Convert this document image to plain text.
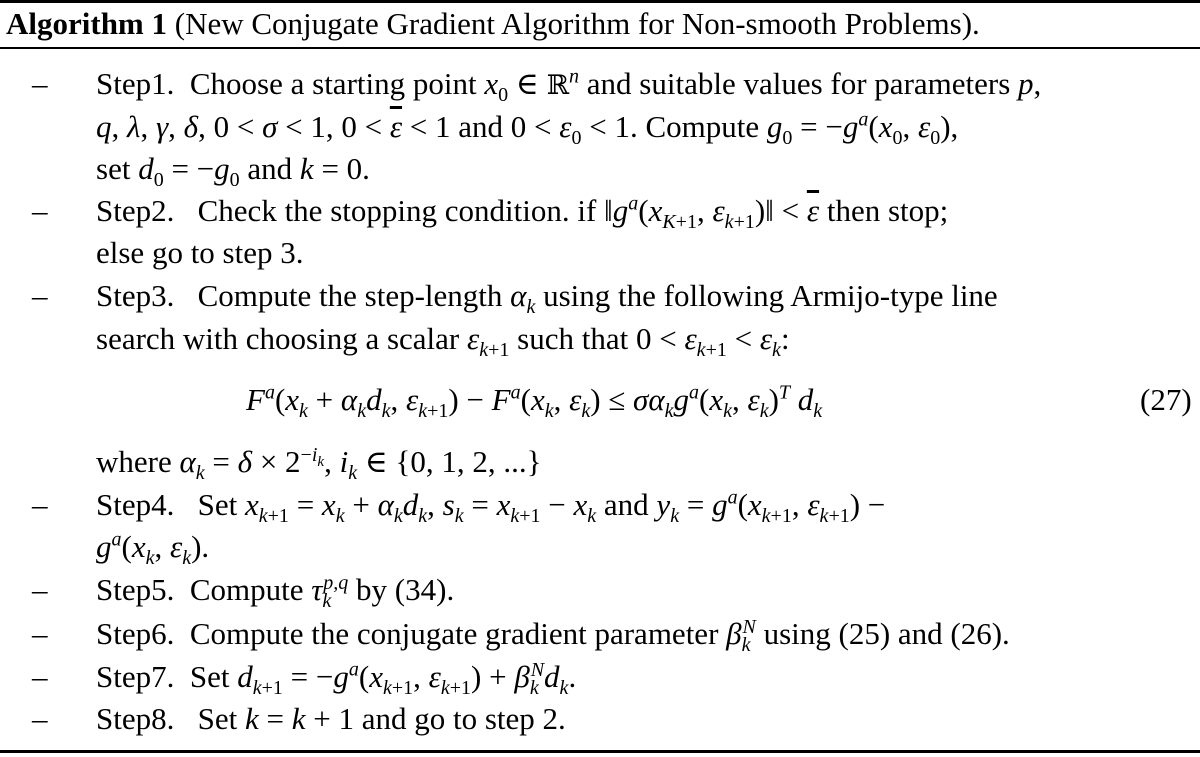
Algorithm 1 (New Conjugate Gradient Algorithm for Non-smooth Problems).
–
–
–
–
–
–
–
–
Step1.  Choose a starting point $x_0$ ∈ ℝ$^n$ and suitable values for parameters p,
q, λ, γ, δ, 0 < σ < 1, $0 < \overline{\varepsilon} < 1$ and $0 < \varepsilon_0 < 1$. Compute $g_0 = -g^a(x_0$, $\varepsilon_0$),
set $d_0 = -g_0$ and k = 0.
Step2.   Check the stopping condition. if $‖g^a(x_{K+1}$, $\varepsilon_{k+1})‖ < \overline{\varepsilon}$ then stop;
else go to step 3.
Step3.   Compute the step-length $\alpha_k$ using the following Armijo-type line
search with choosing a scalar $\varepsilon_{k+1}$ such that $0 < \varepsilon_{k+1} < \varepsilon_k$:
$F^a(x_k + \alpha_kd_k$, $\varepsilon_{k+1}) - F^a(x_k$, $\varepsilon_k) \le \sigma\alpha_kg^a(x_k$, $\varepsilon_k)^T$ $d_k$	(27)
where $\alpha_k = \delta \times 2^{-i_k}$, $i_k$ ∈ {0, 1, 2, ...}
Step4.   Set $x_{k+1} = x_k + \alpha_kd_k$, $s_k = x_{k+1} - x_k$ and $y_k = g^a(x_{k+1}$, $\varepsilon_{k+1}$) −
$g^a(x_k$, $\varepsilon_k$).
Step5.  Compute $\tau_k^{p,q}$ by (34).
Step6.  Compute the conjugate gradient parameter $\beta_k^N$ using (25) and (26).
Step7.  Set $d_{k+1} = -g^a(x_{k+1}$, $\varepsilon_{k+1}) + \beta_k^Nd_k$.
Step8.   Set k = k + 1 and go to step 2.
